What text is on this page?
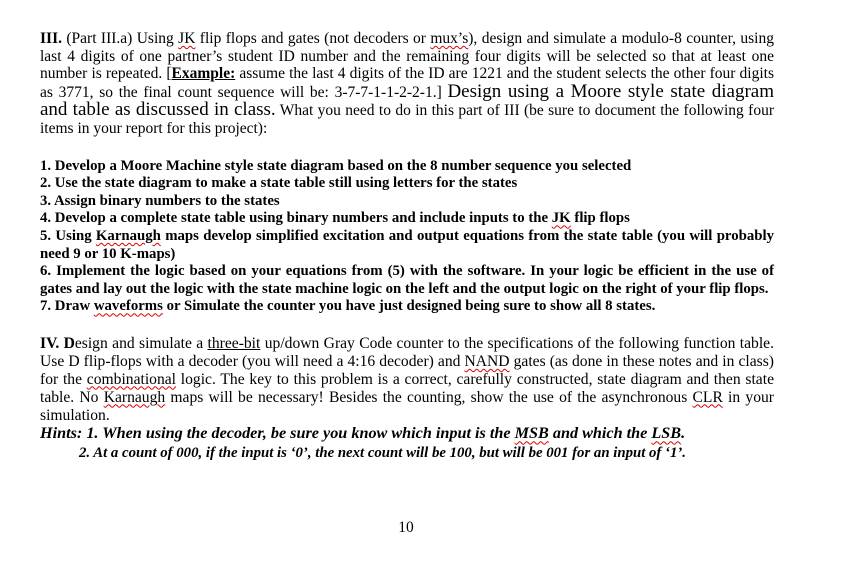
III. (Part III.a) Using JK flip flops and gates (not decoders or mux’s), design and simulate a modulo-8 counter, using last 4 digits of one partner’s student ID number and the remaining four digits will be selected so that at least one number is repeated. [Example: assume the last 4 digits of the ID are 1221 and the student selects the other four digits as 3771, so the final count sequence will be: 3-7-7-1-1-2-2-1.] Design using a Moore style state diagram and table as discussed in class. What you need to do in this part of III (be sure to document the following four items in your report for this project):

1. Develop a Moore Machine style state diagram based on the 8 number sequence you selected

2. Use the state diagram to make a state table still using letters for the states

3. Assign binary numbers to the states

4. Develop a complete state table using binary numbers and include inputs to the JK flip flops

5. Using Karnaugh maps develop simplified excitation and output equations from the state table (you will probably need 9 or 10 K-maps)

6. Implement the logic based on your equations from (5) with the software. In your logic be efficient in the use of gates and lay out the logic with the state machine logic on the left and the output logic on the right of your flip flops.

7. Draw waveforms or Simulate the counter you have just designed being sure to show all 8 states.

IV. Design and simulate a three-bit up/down Gray Code counter to the specifications of the following function table. Use D flip-flops with a decoder (you will need a 4:16 decoder) and NAND gates (as done in these notes and in class) for the combinational logic. The key to this problem is a correct, carefully constructed, state diagram and then state table. No Karnaugh maps will be necessary! Besides the counting, show the use of the asynchronous CLR in your simulation.

Hints: 1. When using the decoder, be sure you know which input is the MSB and which the LSB.

2. At a count of 000, if the input is ‘0’, the next count will be 100, but will be 001 for an input of ‘1’.

10
